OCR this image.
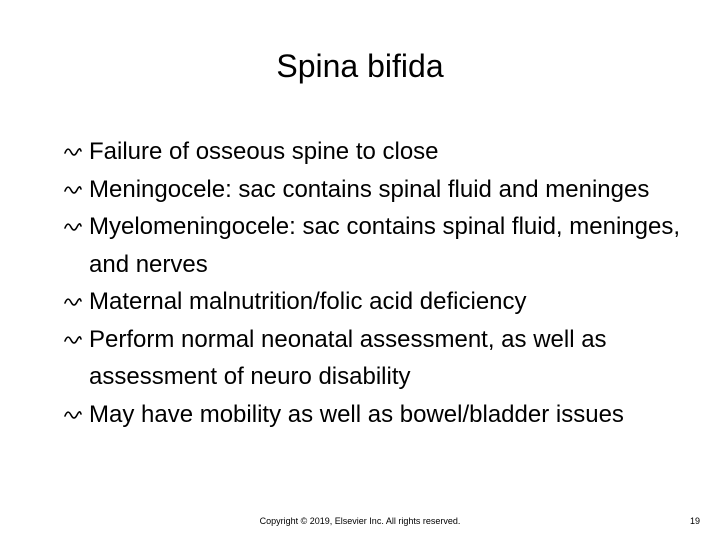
Spina bifida
Failure of osseous spine to close
Meningocele: sac contains spinal fluid and meninges
Myelomeningocele: sac contains spinal fluid, meninges, and nerves
Maternal malnutrition/folic acid deficiency
Perform normal neonatal assessment, as well as assessment of neuro disability
May have mobility as well as bowel/bladder issues
Copyright © 2019, Elsevier Inc. All rights reserved.	19
